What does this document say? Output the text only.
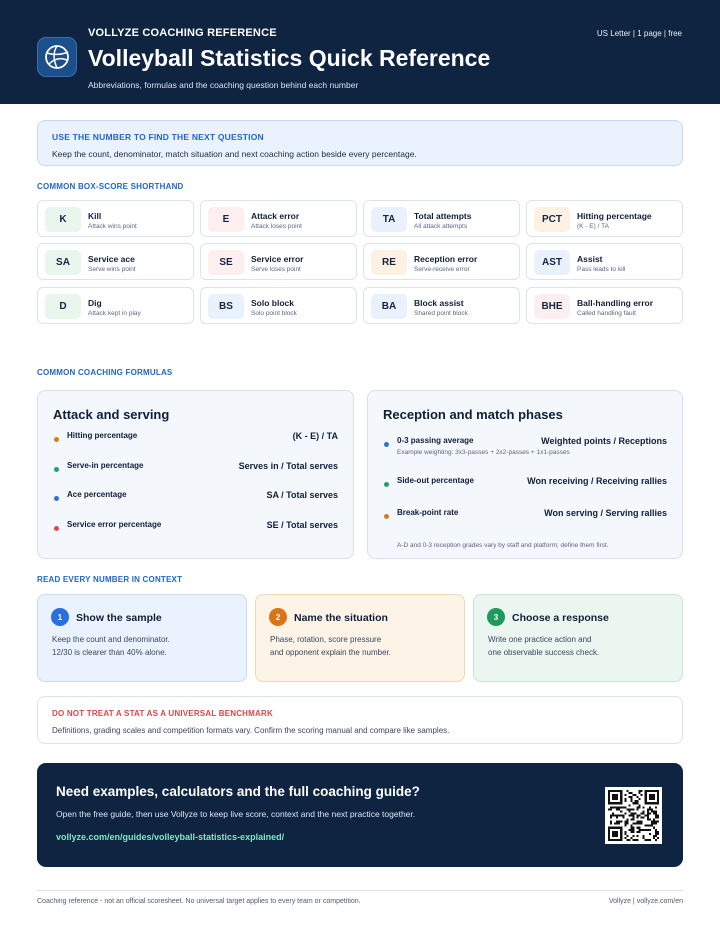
VOLLYZE COACHING REFERENCE
Volleyball Statistics Quick Reference
Abbreviations, formulas and the coaching question behind each number
US Letter | 1 page | free
USE THE NUMBER TO FIND THE NEXT QUESTION
Keep the count, denominator, match situation and next coaching action beside every percentage.
COMMON BOX-SCORE SHORTHAND
K	Kill
Attack wins point
E	Attack error
Attack loses point
TA	Total attempts
All attack attempts
PCT	Hitting percentage
(K - E) / TA
SA	Service ace
Serve wins point
SE	Service error
Serve loses point
RE	Reception error
Serve-receive error
AST	Assist
Pass leads to kill
D	Dig
Attack kept in play
BS	Solo block
Solo point block
BA	Block assist
Shared point block
BHE	Ball-handling error
Called handling fault
COMMON COACHING FORMULAS
Attack and serving
Hitting percentage	(K - E) / TA
Serve-in percentage	Serves in / Total serves
Ace percentage	SA / Total serves
Service error percentage	SE / Total serves
Reception and match phases
0-3 passing average	Weighted points / Receptions
Example weighting: 3x3-passes + 2x2-passes + 1x1-passes
Side-out percentage	Won receiving / Receiving rallies
Break-point rate	Won serving / Serving rallies
A-D and 0-3 reception grades vary by staff and platform; define them first.
READ EVERY NUMBER IN CONTEXT
1	Show the sample
Keep the count and denominator.
12/30 is clearer than 40% alone.
2	Name the situation
Phase, rotation, score pressure
and opponent explain the number.
3	Choose a response
Write one practice action and
one observable success check.
DO NOT TREAT A STAT AS A UNIVERSAL BENCHMARK
Definitions, grading scales and competition formats vary. Confirm the scoring manual and compare like samples.
Need examples, calculators and the full coaching guide?
Open the free guide, then use Vollyze to keep live score, context and the next practice together.
vollyze.com/en/guides/volleyball-statistics-explained/
Coaching reference - not an official scoresheet. No universal target applies to every team or competition.	Vollyze | vollyze.com/en
